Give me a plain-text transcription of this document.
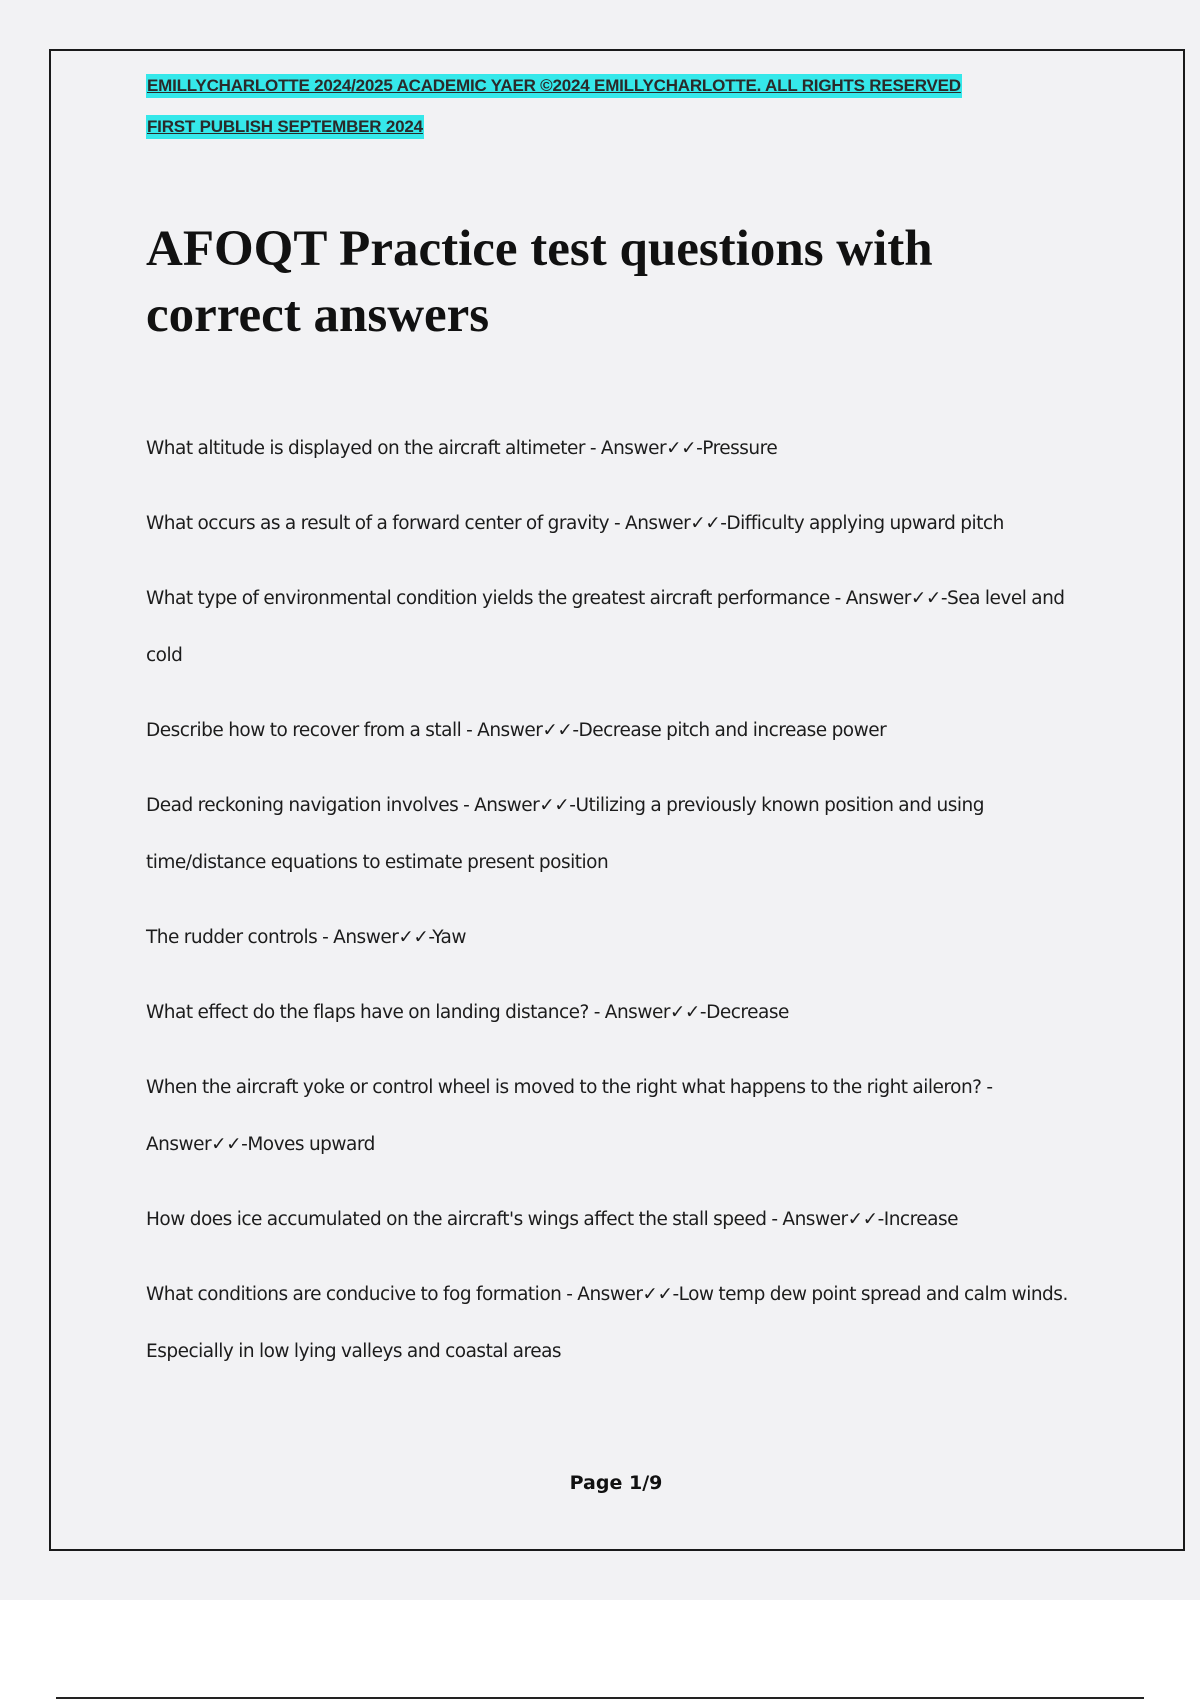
EMILLYCHARLOTTE 2024/2025 ACADEMIC YAER ©2024 EMILLYCHARLOTTE. ALL RIGHTS RESERVED
FIRST PUBLISH SEPTEMBER 2024
AFOQT Practice test questions with correct answers
What altitude is displayed on the aircraft altimeter - Answer✓✓-Pressure
What occurs as a result of a forward center of gravity - Answer✓✓-Difficulty applying upward pitch
What type of environmental condition yields the greatest aircraft performance - Answer✓✓-Sea level and cold
Describe how to recover from a stall - Answer✓✓-Decrease pitch and increase power
Dead reckoning navigation involves - Answer✓✓-Utilizing a previously known position and using time/distance equations to estimate present position
The rudder controls - Answer✓✓-Yaw
What effect do the flaps have on landing distance? - Answer✓✓-Decrease
When the aircraft yoke or control wheel is moved to the right what happens to the right aileron? - Answer✓✓-Moves upward
How does ice accumulated on the aircraft's wings affect the stall speed - Answer✓✓-Increase
What conditions are conducive to fog formation - Answer✓✓-Low temp dew point spread and calm winds. Especially in low lying valleys and coastal areas
Page 1/9
